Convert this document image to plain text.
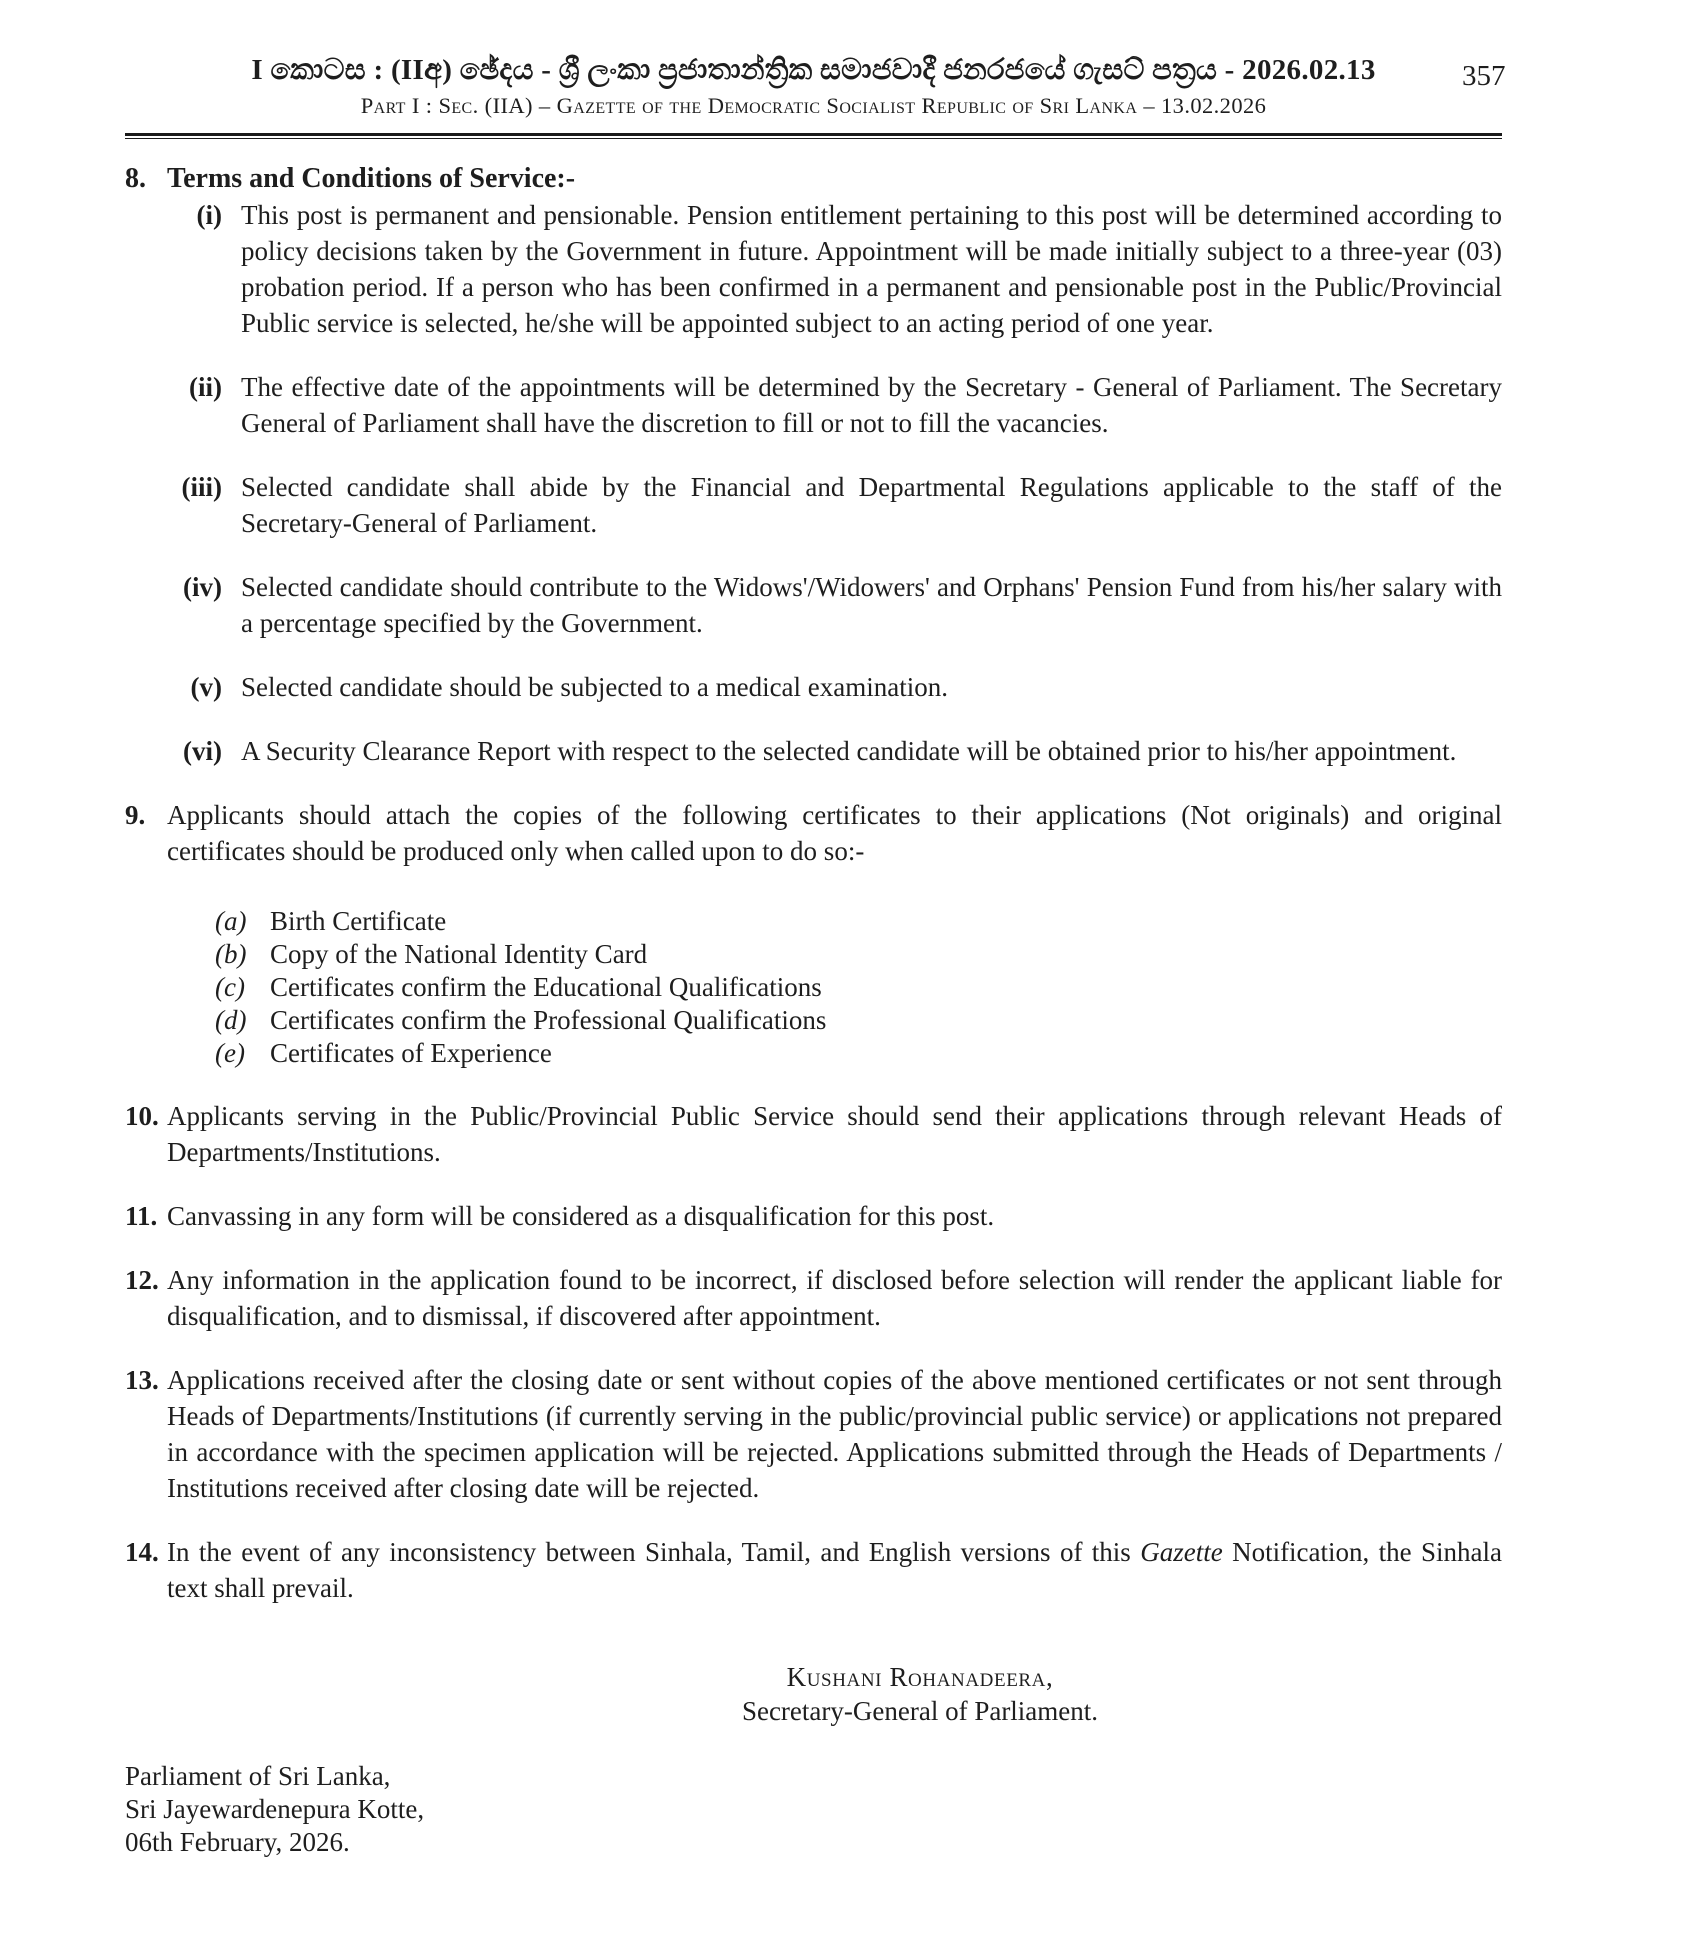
357
I කොටස : (IIඅ) ඡේදය - ශ්‍රී ලංකා ප්‍රජාතාන්ත්‍රික සමාජවාදී ජනරජයේ ගැසට් පත්‍රය - 2026.02.13
Part I : Sec. (IIA) – Gazette of the Democratic Socialist Republic of Sri Lanka – 13.02.2026
8. Terms and Conditions of Service:-
(i) This post is permanent and pensionable. Pension entitlement pertaining to this post will be determined according to policy decisions taken by the Government in future. Appointment will be made initially subject to a three-year (03) probation period. If a person who has been confirmed in a permanent and pensionable post in the Public/Provincial Public service is selected, he/she will be appointed subject to an acting period of one year.
(ii) The effective date of the appointments will be determined by the Secretary - General of Parliament. The Secretary General of Parliament shall have the discretion to fill or not to fill the vacancies.
(iii) Selected candidate shall abide by the Financial and Departmental Regulations applicable to the staff of the Secretary-General of Parliament.
(iv) Selected candidate should contribute to the Widows'/Widowers' and Orphans' Pension Fund from his/her salary with a percentage specified by the Government.
(v) Selected candidate should be subjected to a medical examination.
(vi) A Security Clearance Report with respect to the selected candidate will be obtained prior to his/her appointment.
9. Applicants should attach the copies of the following certificates to their applications (Not originals) and original certificates should be produced only when called upon to do so:-
(a) Birth Certificate
(b) Copy of the National Identity Card
(c) Certificates confirm the Educational Qualifications
(d) Certificates confirm the Professional Qualifications
(e) Certificates of Experience
10. Applicants serving in the Public/Provincial Public Service should send their applications through relevant Heads of Departments/Institutions.
11. Canvassing in any form will be considered as a disqualification for this post.
12. Any information in the application found to be incorrect, if disclosed before selection will render the applicant liable for disqualification, and to dismissal, if discovered after appointment.
13. Applications received after the closing date or sent without copies of the above mentioned certificates or not sent through Heads of Departments/Institutions (if currently serving in the public/provincial public service) or applications not prepared in accordance with the specimen application will be rejected. Applications submitted through the Heads of Departments / Institutions received after closing date will be rejected.
14. In the event of any inconsistency between Sinhala, Tamil, and English versions of this Gazette Notification, the Sinhala text shall prevail.
Kushani Rohanadeera,
Secretary-General of Parliament.
Parliament of Sri Lanka,
Sri Jayewardenepura Kotte,
06th February, 2026.
